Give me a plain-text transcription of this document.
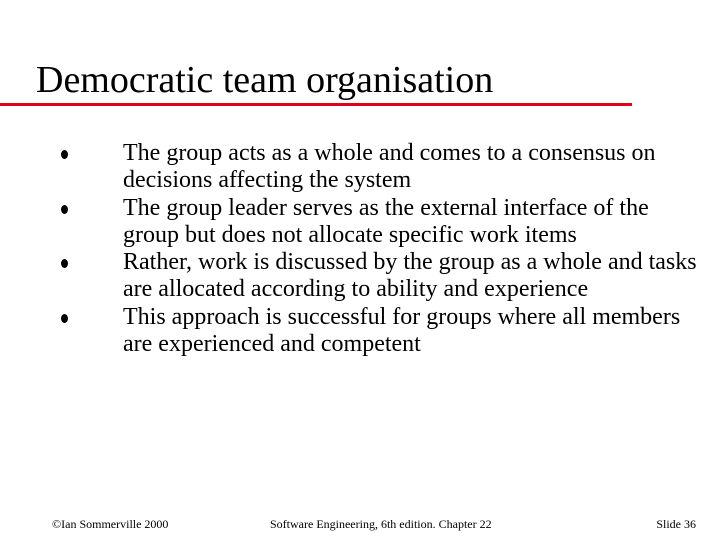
Democratic team organisation
The group acts as a whole and comes to a consensus on decisions affecting the system
The group leader serves as the external interface of the group but does not allocate specific work items
Rather, work is discussed by the group as a whole and tasks are allocated according to ability and experience
This approach is successful for groups where all members are experienced and competent
©Ian Sommerville 2000	Software Engineering, 6th edition. Chapter 22	Slide 36
